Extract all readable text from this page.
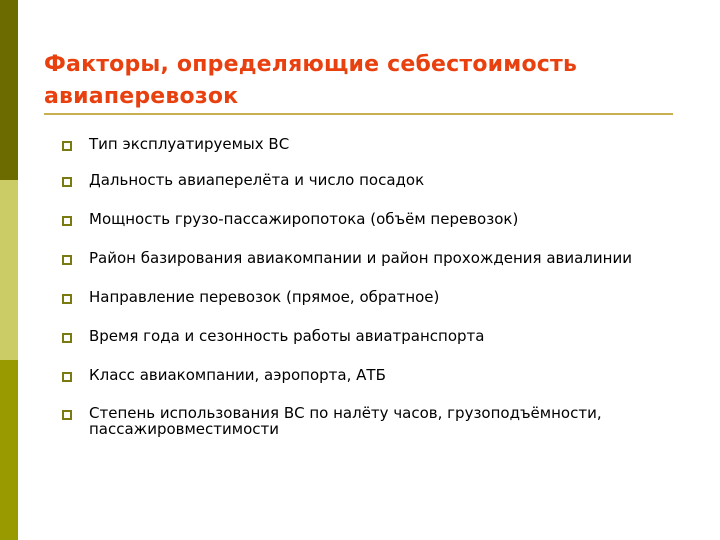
Факторы, определяющие себестоимость
авиаперевозок
Тип эксплуатируемых ВС
Дальность авиаперелёта и число посадок
Мощность грузо-пассажиропотока (объём перевозок)
Район базирования авиакомпании и район прохождения авиалинии
Направление перевозок (прямое, обратное)
Время года и сезонность работы авиатранспорта
Класс авиакомпании, аэропорта, АТБ
Степень использования ВС по налёту часов, грузоподъёмности, пассажировместимости
